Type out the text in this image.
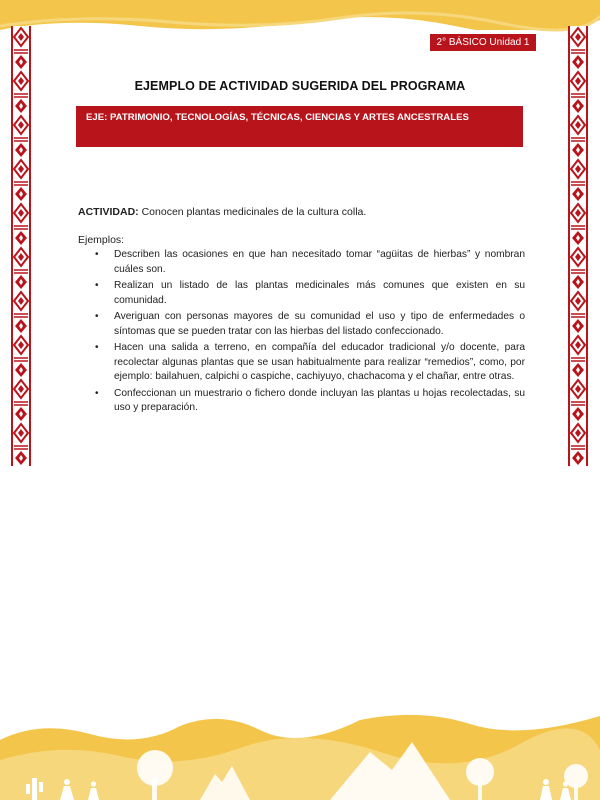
2° BÁSICO Unidad 1
EJEMPLO DE ACTIVIDAD SUGERIDA DEL PROGRAMA
EJE: PATRIMONIO, TECNOLOGÍAS, TÉCNICAS, CIENCIAS Y ARTES ANCESTRALES
ACTIVIDAD: Conocen plantas medicinales de la cultura colla.
Ejemplos:
• Describen las ocasiones en que han necesitado tomar “agüitas de hierbas” y nombran cuáles son.
• Realizan un listado de las plantas medicinales más comunes que existen en su comunidad.
• Averiguan con personas mayores de su comunidad el uso y tipo de enfermedades o síntomas que se pueden tratar con las hierbas del listado confeccionado.
• Hacen una salida a terreno, en compañía del educador tradicional y/o docente, para recolectar algunas plantas que se usan habitualmente para realizar “remedios”, como, por ejemplo: bailahuen, calpichi o caspiche, cachiyuyo, chachacoma y el chañar, entre otras.
• Confeccionan un muestrario o fichero donde incluyan las plantas u hojas recolectadas, su uso y preparación.
